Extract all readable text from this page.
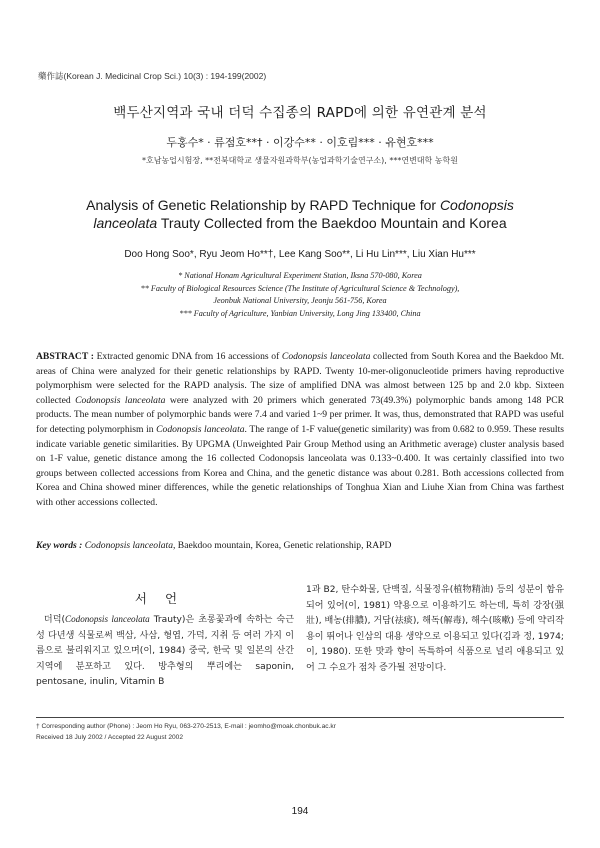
藥作誌(Korean J. Medicinal Crop Sci.) 10(3) : 194-199(2002)
백두산지역과 국내 더덕 수집종의 RAPD에 의한 유연관계 분석
두홍수* · 류점호**† · 이강수** · 이호림*** · 유현호***
*호남농업시험장, **전북대학교 생물자원과학부(농업과학기술연구소), ***연변대학 농학원
Analysis of Genetic Relationship by RAPD Technique for Codonopsis
lanceolata Trauty Collected from the Baekdoo Mountain and Korea
Doo Hong Soo*, Ryu Jeom Ho**†, Lee Kang Soo**, Li Hu Lin***, Liu Xian Hu***
* National Honam Agricultural Experiment Station, Iksna 570-080, Korea
** Faculty of Biological Resources Science (The Institute of Agricultural Science & Technology),
Jeonbuk National University, Jeonju 561-756, Korea
*** Faculty of Agriculture, Yanbian University, Long Jing 133400, China
ABSTRACT : Extracted genomic DNA from 16 accessions of Codonopsis lanceolata collected from South Korea and the Baekdoo Mt. areas of China were analyzed for their genetic relationships by RAPD. Twenty 10-mer-oligonucleotide primers having reproductive polymorphism were selected for the RAPD analysis. The size of amplified DNA was almost between 125 bp and 2.0 kbp. Sixteen collected Codonopsis lanceolata were analyzed with 20 primers which generated 73(49.3%) polymorphic bands among 148 PCR products. The mean number of polymorphic bands were 7.4 and varied 1~9 per primer. It was, thus, demonstrated that RAPD was useful for detecting polymorphism in Codonopsis lanceolata. The range of 1-F value(genetic similarity) was from 0.682 to 0.959. These results indicate variable genetic similarities. By UPGMA (Unweighted Pair Group Method using an Arithmetic average) cluster analysis based on 1-F value, genetic distance among the 16 collected Codonopsis lanceolata was 0.133~0.400. It was certainly classified into two groups between collected accessions from Korea and China, and the genetic distance was about 0.281. Both accessions collected from Korea and China showed miner differences, while the genetic relationships of Tonghua Xian and Liuhe Xian from China was farthest with other accessions collected.
Key words : Codonopsis lanceolata, Baekdoo mountain, Korea, Genetic relationship, RAPD
서언
더덕(Codonopsis lanceolata Trauty)은 초롱꽃과에 속하는 숙근성 다년생 식물로써 백삼, 사삼, 형엽, 가덕, 지취 등 여러 가지 이름으로 불리워지고 있으며(이, 1984) 중국, 한국 및 일본의 산간지역에 분포하고 있다. 방추형의 뿌리에는 saponin, pentosane, inulin, Vitamin B
1과 B2, 탄수화물, 단백질, 식물정유(植物精油) 등의 성분이 함유되어 있어(이, 1981) 약용으로 이용하기도 하는데, 특히 강장(强壯), 배농(排膿), 거담(祛痰), 해독(解毒), 해수(咳嗽) 등에 약리작용이 뛰어나 인삼의 대용 생약으로 이용되고 있다(김과 정, 1974; 이, 1980). 또한 맛과 향이 독특하여 식품으로 널리 애용되고 있어 그 수요가 점차 증가될 전망이다.
† Corresponding author (Phone) : Jeom Ho Ryu, 063-270-2513, E-mail : jeomho@moak.chonbuk.ac.kr
Received 18 July 2002 / Accepted 22 August 2002
194
